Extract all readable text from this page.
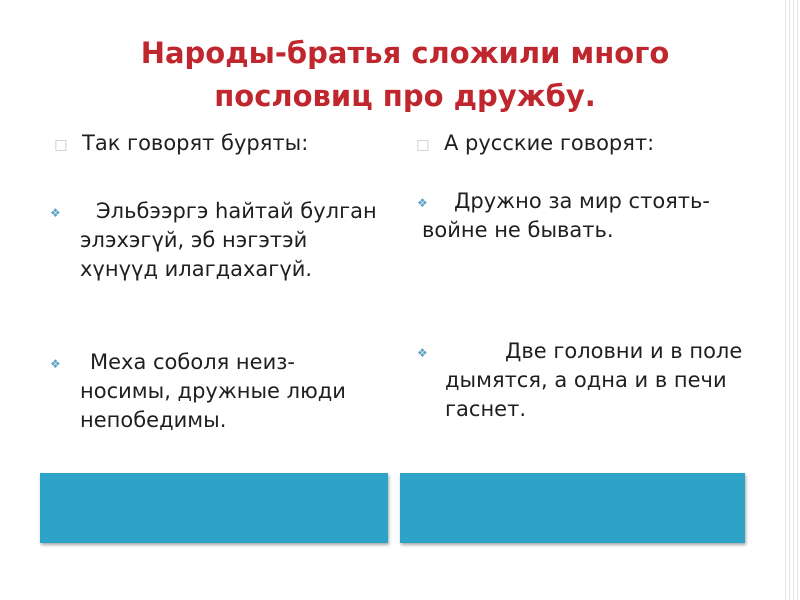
Народы-братья сложили много пословиц про дружбу.
☐ Так говорят буряты:	☐ А русские говорят:
❖	Эльбээргэ һайтай булган элэхэгүй, эб нэгэтэй хүнүүд илагдахагүй.
❖	Меха соболя неиз-носимы, дружные люди непобедимы.
❖	Дружно за мир стоять- войне не бывать.
❖	Две головни и в поле дымятся, а одна и в печи гаснет.
